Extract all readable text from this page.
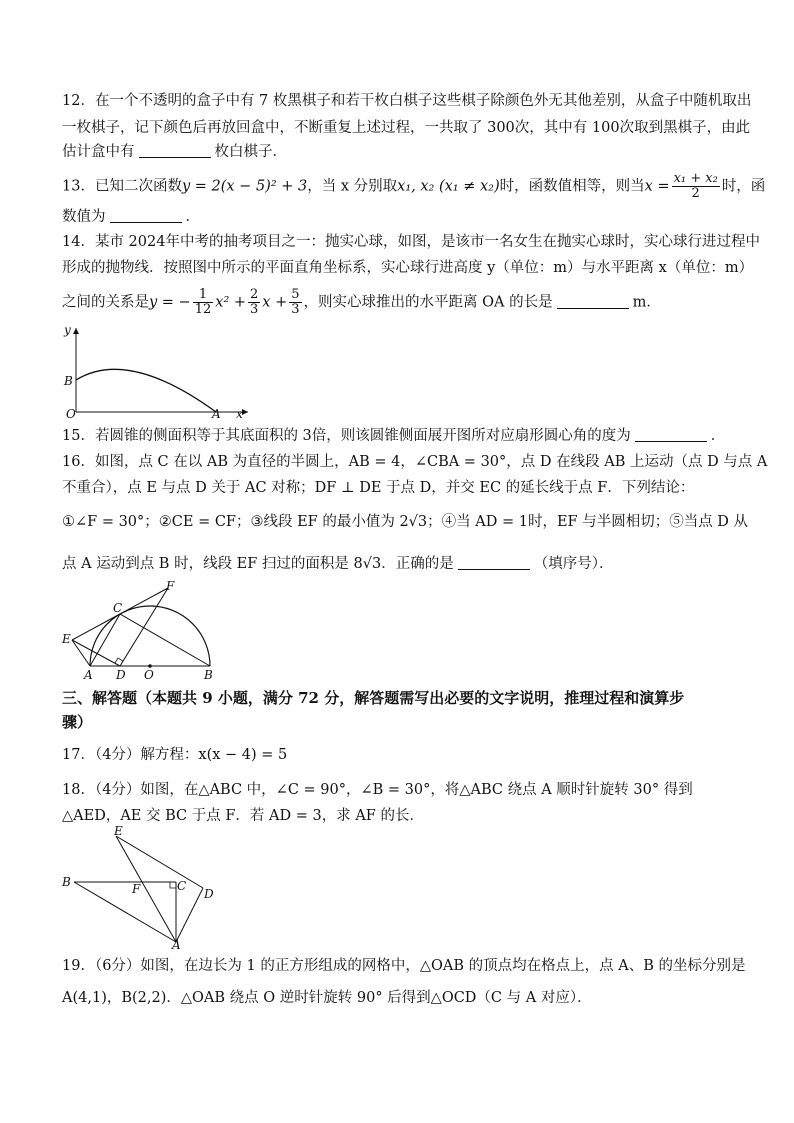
12．在一个不透明的盒子中有 7 枚黑棋子和若干枚白棋子这些棋子除颜色外无其他差别，从盒子中随机取出
一枚棋子，记下颜色后再放回盒中，不断重复上述过程，一共取了 300次，其中有 100次取到黑棋子，由此
估计盒中有	枚白棋子．
13．已知二次函数y = 2(x − 5)² + 3，当 x 分别取x₁, x₂ (x₁ ≠ x₂)时，函数值相等，则当$x = \frac{\text{x₁ + x₂}}{2}$ 时，函
数值为	．
14．某市 2024年中考的抽考项目之一：抛实心球，如图，是该市一名女生在抛实心球时，实心球行进过程中
形成的抛物线．按照图中所示的平面直角坐标系，实心球行进高度 y（单位：m）与水平距离 x（单位：m）
之间的关系是y = − $\frac{1}{12} x^2 + \frac{2}{3}$ $x + \frac{5}{3}$ ，则实心球推出的水平距离 OA 的长是	m．
y
B
O	A x
15．若圆锥的侧面积等于其底面积的 3倍，则该圆锥侧面展开图所对应扇形圆心角的度为	．
16．如图，点 C 在以 AB 为直径的半圆上，AB = 4，∠CBA = 30°，点 D 在线段 AB 上运动（点 D 与点 A
不重合），点 E 与点 D 关于 AC 对称；DF ⊥ DE 于点 D，并交 EC 的延长线于点 F．下列结论：
①∠F = 30°；②CE = CF；③线段 EF 的最小值为 2√3；④当 AD = 1时，EF 与半圆相切；⑤当点 D 从
点 A 运动到点 B 时，线段 EF 扫过的面积是 8√3．正确的是	（填序号）．
F
C
E
A D O	B
三、解答题（本题共 9 小题，满分 72 分，解答题需写出必要的文字说明，推理过程和演算步
骤）
17．（4分）解方程：x(x − 4) = 5
18．（4分）如图，在△ABC 中，∠C = 90°，∠B = 30°，将△ABC 绕点 A 顺时针旋转 30° 得到
△AED，AE 交 BC 于点 F．若 AD = 3，求 AF 的长．
E
B	F	C
D
A
19．（6分）如图，在边长为 1 的正方形组成的网格中，△OAB 的顶点均在格点上，点 A、B 的坐标分别是
A(4,1)，B(2,2)．△OAB 绕点 O 逆时针旋转 90° 后得到△OCD（C 与 A 对应）．
